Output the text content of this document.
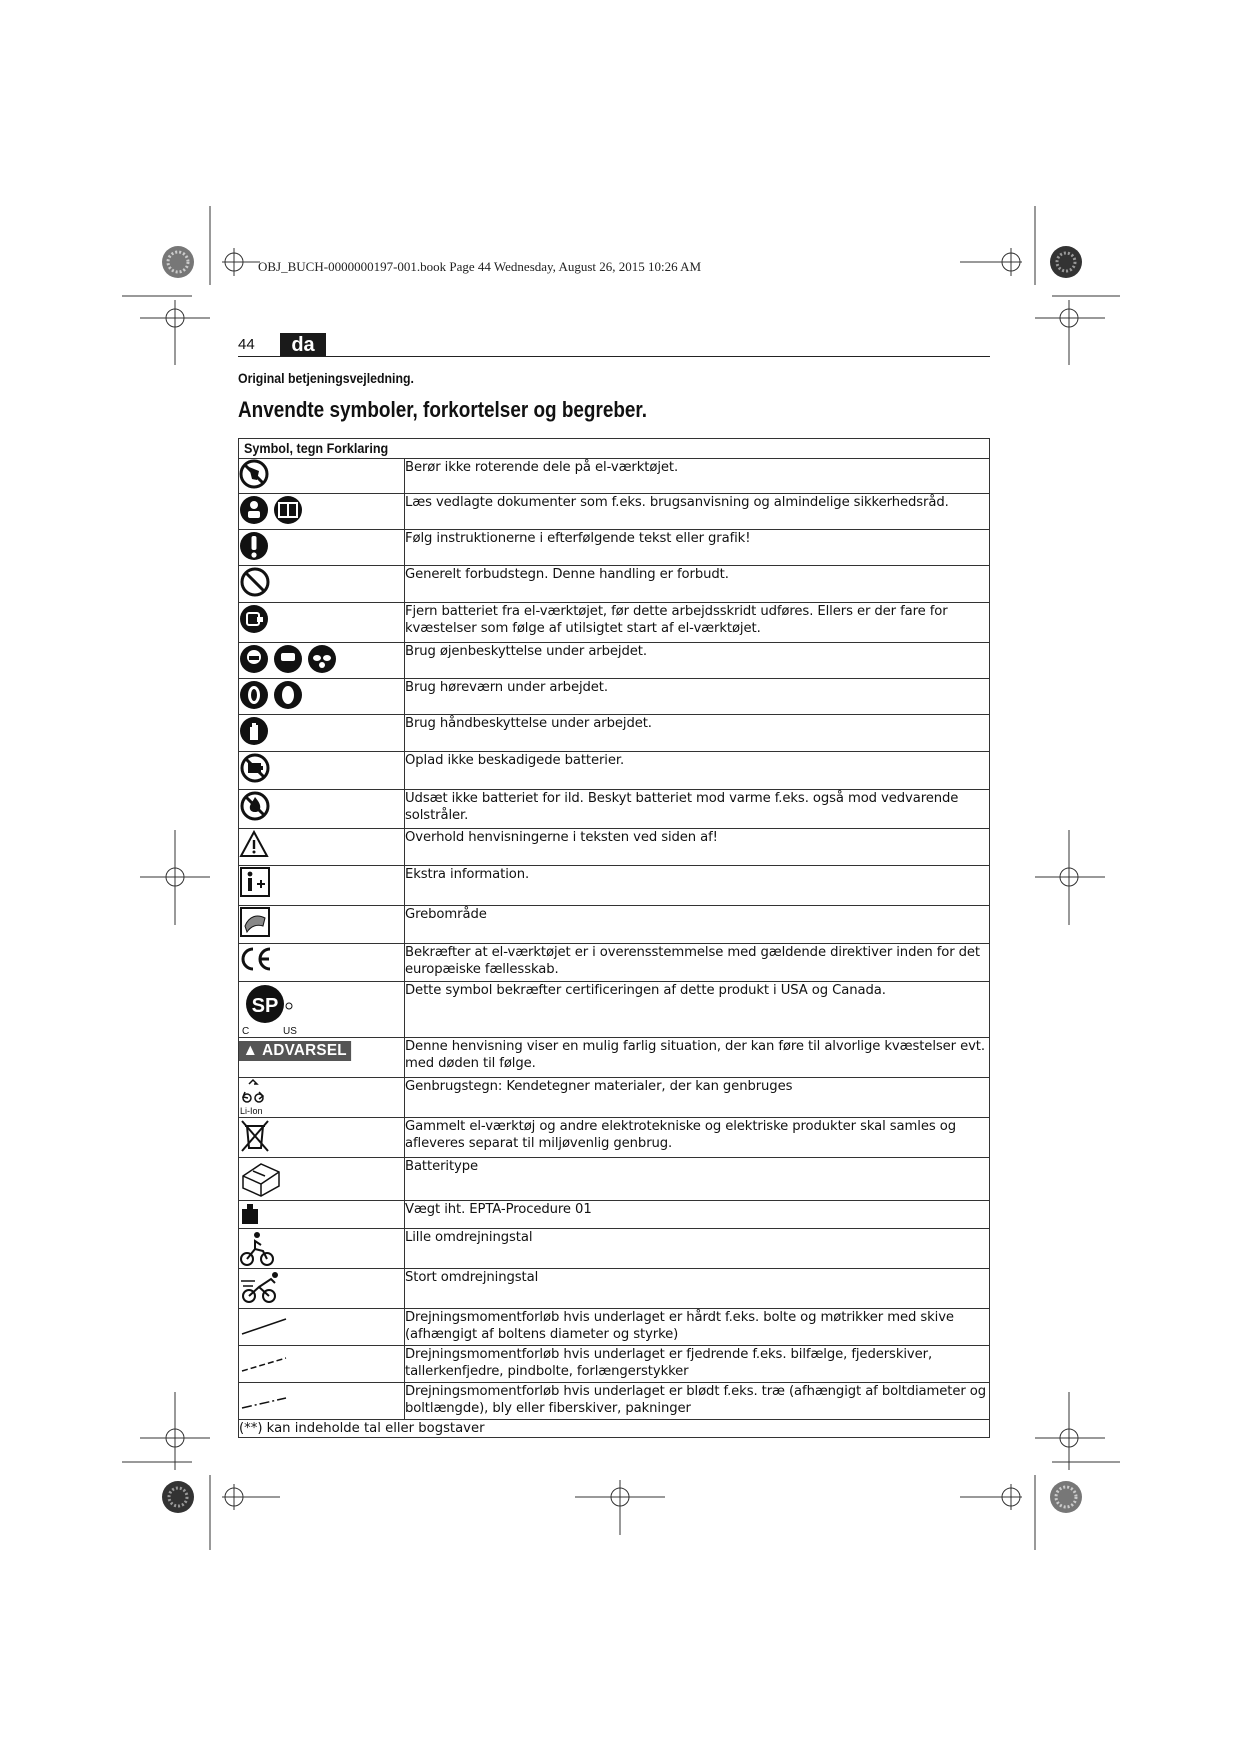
OBJ_BUCH-0000000197-001.book Page 44 Wednesday, August 26, 2015 10:26 AM
44	da
Original betjeningsvejledning.
Anvendte symboler, forkortelser og begreber.
Symbol, tegn Forklaring	

	Berør ikke roterende dele på el-værktøjet.

	Læs vedlagte dokumenter som f.eks. brugsanvisning og almindelige sikkerhedsråd.

	Følg instruktionerne i efterfølgende tekst eller grafik!

	Generelt forbudstegn. Denne handling er forbudt.

	Fjern batteriet fra el-værktøjet, før dette arbejdsskridt udføres. Ellers er der fare for kvæstelser som følge af utilsigtet start af el-værktøjet.

	Brug øjenbeskyttelse under arbejdet.

	Brug høreværn under arbejdet.

	Brug håndbeskyttelse under arbejdet.

	Oplad ikke beskadigede batterier.

	Udsæt ikke batteriet for ild. Beskyt batteriet mod varme f.eks. også mod vedvarende solstråler.

	Overhold henvisningerne i teksten ved siden af!

	Ekstra information.

	Grebområde

	Bekræfter at el-værktøjet er i overensstemmelse med gældende direktiver inden for det europæiske fællesskab.

SP
C US	Dette symbol bekræfter certificeringen af dette produkt i USA og Canada.
▲ ADVARSEL	Denne henvisning viser en mulig farlig situation, der kan føre til alvorlige kvæstelser evt. med døden til følge.

Li-Ion	Genbrugstegn: Kendetegner materialer, der kan genbruges

	Gammelt el-værktøj og andre elektrotekniske og elektriske produkter skal samles og afleveres separat til miljøvenlig genbrug.

	Batteritype

	Vægt iht. EPTA-Procedure 01

	Lille omdrejningstal

	Stort omdrejningstal

	Drejningsmomentforløb hvis underlaget er hårdt f.eks. bolte og møtrikker med skive (afhængigt af boltens diameter og styrke)

	Drejningsmomentforløb hvis underlaget er fjedrende f.eks. bilfælge, fjederskiver, tallerkenfjedre, pindbolte, forlængerstykker

	Drejningsmomentforløb hvis underlaget er blødt f.eks. træ (afhængigt af boltdiameter og boltlængde), bly eller fiberskiver, pakninger
(**) kan indeholde tal eller bogstaver	
